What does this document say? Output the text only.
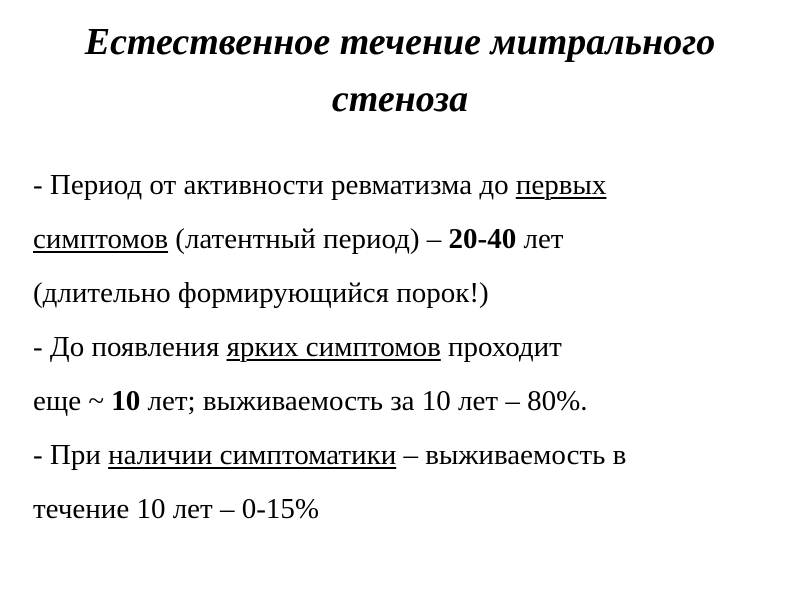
Естественное течение митрального
стеноза

- Период от активности ревматизма до первых
симптомов (латентный период) – 20-40 лет
(длительно формирующийся порок!)

- До появления ярких симптомов проходит
еще ~ 10 лет; выживаемость за 10 лет – 80%.

- При наличии симптоматики – выживаемость в
течение 10 лет – 0-15%
